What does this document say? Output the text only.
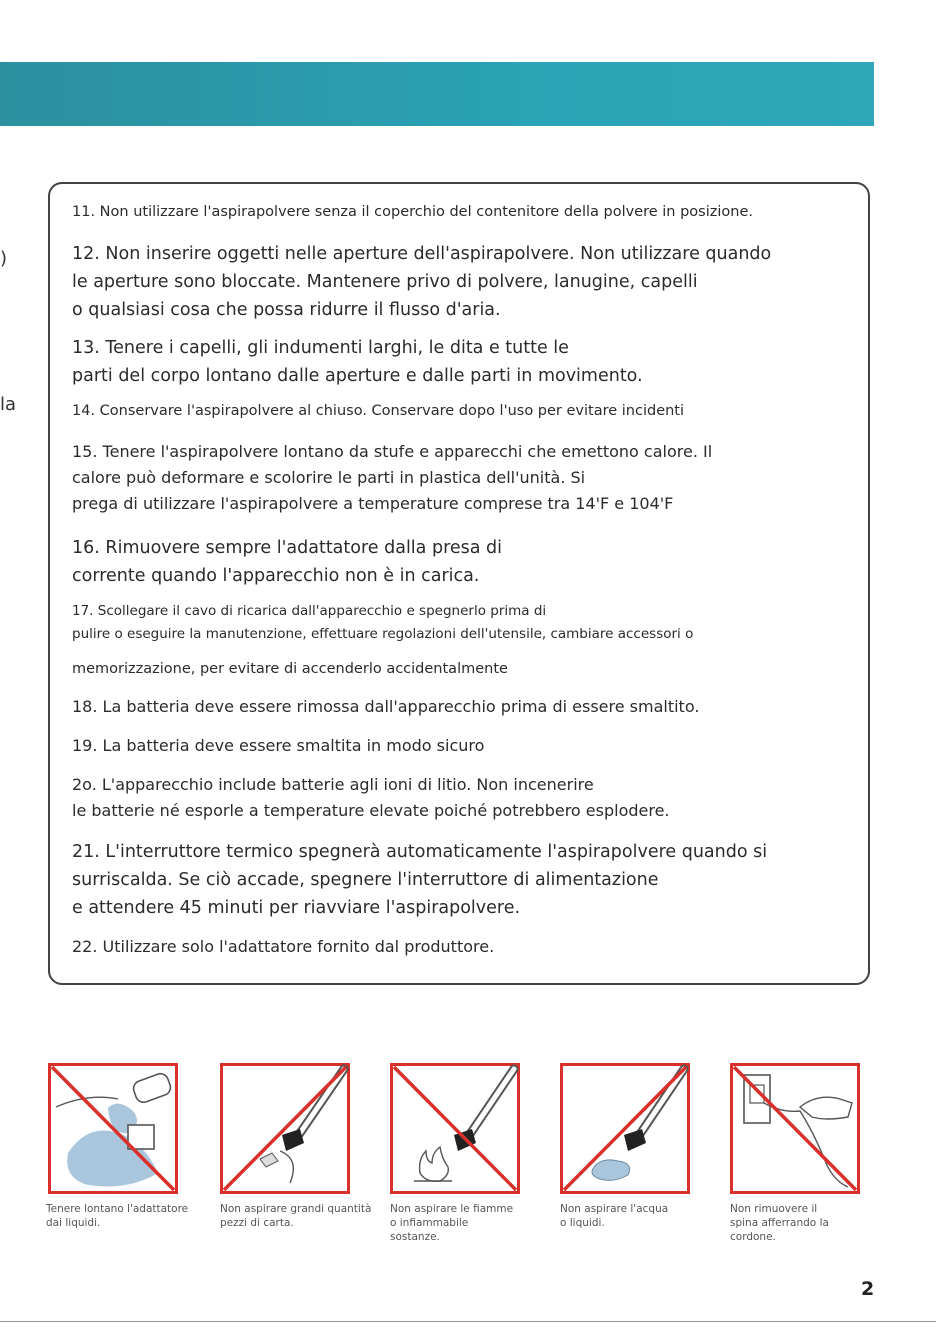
)
la
11. Non utilizzare l'aspirapolvere senza il coperchio del contenitore della polvere in posizione.
12. Non inserire oggetti nelle aperture dell'aspirapolvere. Non utilizzare quando
le aperture sono bloccate. Mantenere privo di polvere, lanugine, capelli
o qualsiasi cosa che possa ridurre il flusso d'aria.
13. Tenere i capelli, gli indumenti larghi, le dita e tutte le
parti del corpo lontano dalle aperture e dalle parti in movimento.
14. Conservare l'aspirapolvere al chiuso. Conservare dopo l'uso per evitare incidenti
15. Tenere l'aspirapolvere lontano da stufe e apparecchi che emettono calore. Il
calore può deformare e scolorire le parti in plastica dell'unità. Si
prega di utilizzare l'aspirapolvere a temperature comprese tra 14'F e 104'F
16. Rimuovere sempre l'adattatore dalla presa di
corrente quando l'apparecchio non è in carica.
17. Scollegare il cavo di ricarica dall'apparecchio e spegnerlo prima di
pulire o eseguire la manutenzione, effettuare regolazioni dell'utensile, cambiare accessori o
memorizzazione, per evitare di accenderlo accidentalmente
18. La batteria deve essere rimossa dall'apparecchio prima di essere smaltito.
19. La batteria deve essere smaltita in modo sicuro
2o. L'apparecchio include batterie agli ioni di litio. Non incenerire
le batterie né esporle a temperature elevate poiché potrebbero esplodere.
21. L'interruttore termico spegnerà automaticamente l'aspirapolvere quando si
surriscalda. Se ciò accade, spegnere l'interruttore di alimentazione
e attendere 45 minuti per riavviare l'aspirapolvere.
22. Utilizzare solo l'adattatore fornito dal produttore.
Tenere lontano l'adattatore
dai liquidi.
Non aspirare grandi quantità
pezzi di carta.
Non aspirare le fiamme
o infiammabile
sostanze.
Non aspirare l'acqua
o liquidi.
Non rimuovere il
spina afferrando la
cordone.
2
